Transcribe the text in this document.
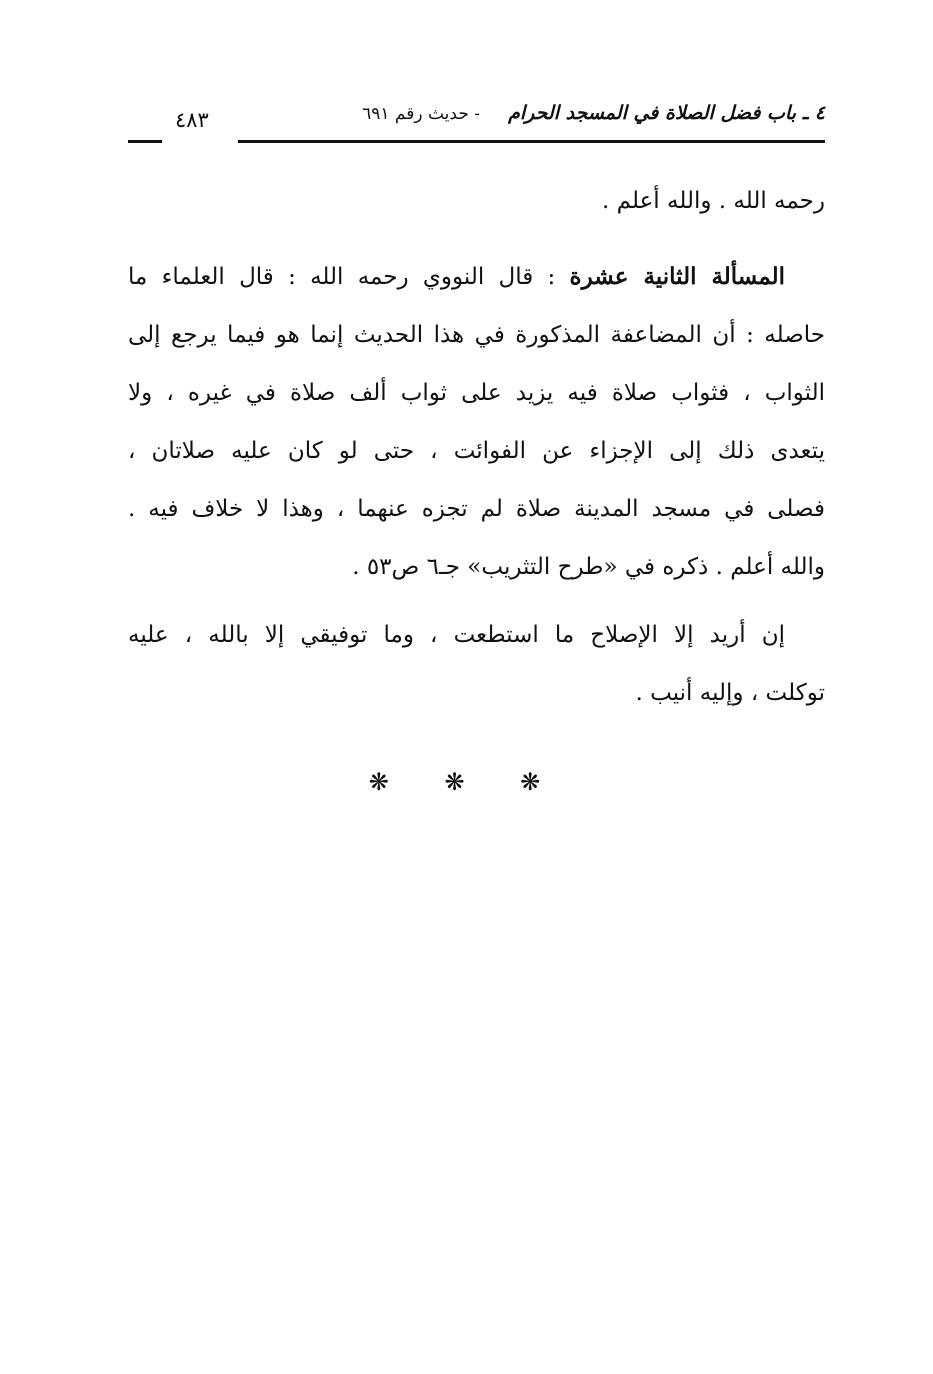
٤ ـ باب فضل الصلاة في المسجد الحرام
- حديث رقم ٦٩١
٤٨٣
رحمه الله . والله أعلم .
المسألة الثانية عشرة : قال النووي رحمه الله : قال العلماء ما
حاصله : أن المضاعفة المذكورة في هذا الحديث إنما هو فيما يرجع إلى
الثواب ، فثواب صلاة فيه يزيد على ثواب ألف صلاة في غيره ، ولا
يتعدى ذلك إلى الإجزاء عن الفوائت ، حتى لو كان عليه صلاتان ،
فصلى في مسجد المدينة صلاة لم تجزه عنهما ، وهذا لا خلاف فيه .
والله أعلم . ذكره في «طرح التثريب» جـ٦ ص٥٣ .
إن أريد إلا الإصلاح ما استطعت ، وما توفيقي إلا بالله ، عليه
توكلت ، وإليه أنيب .
❋ ❋ ❋
